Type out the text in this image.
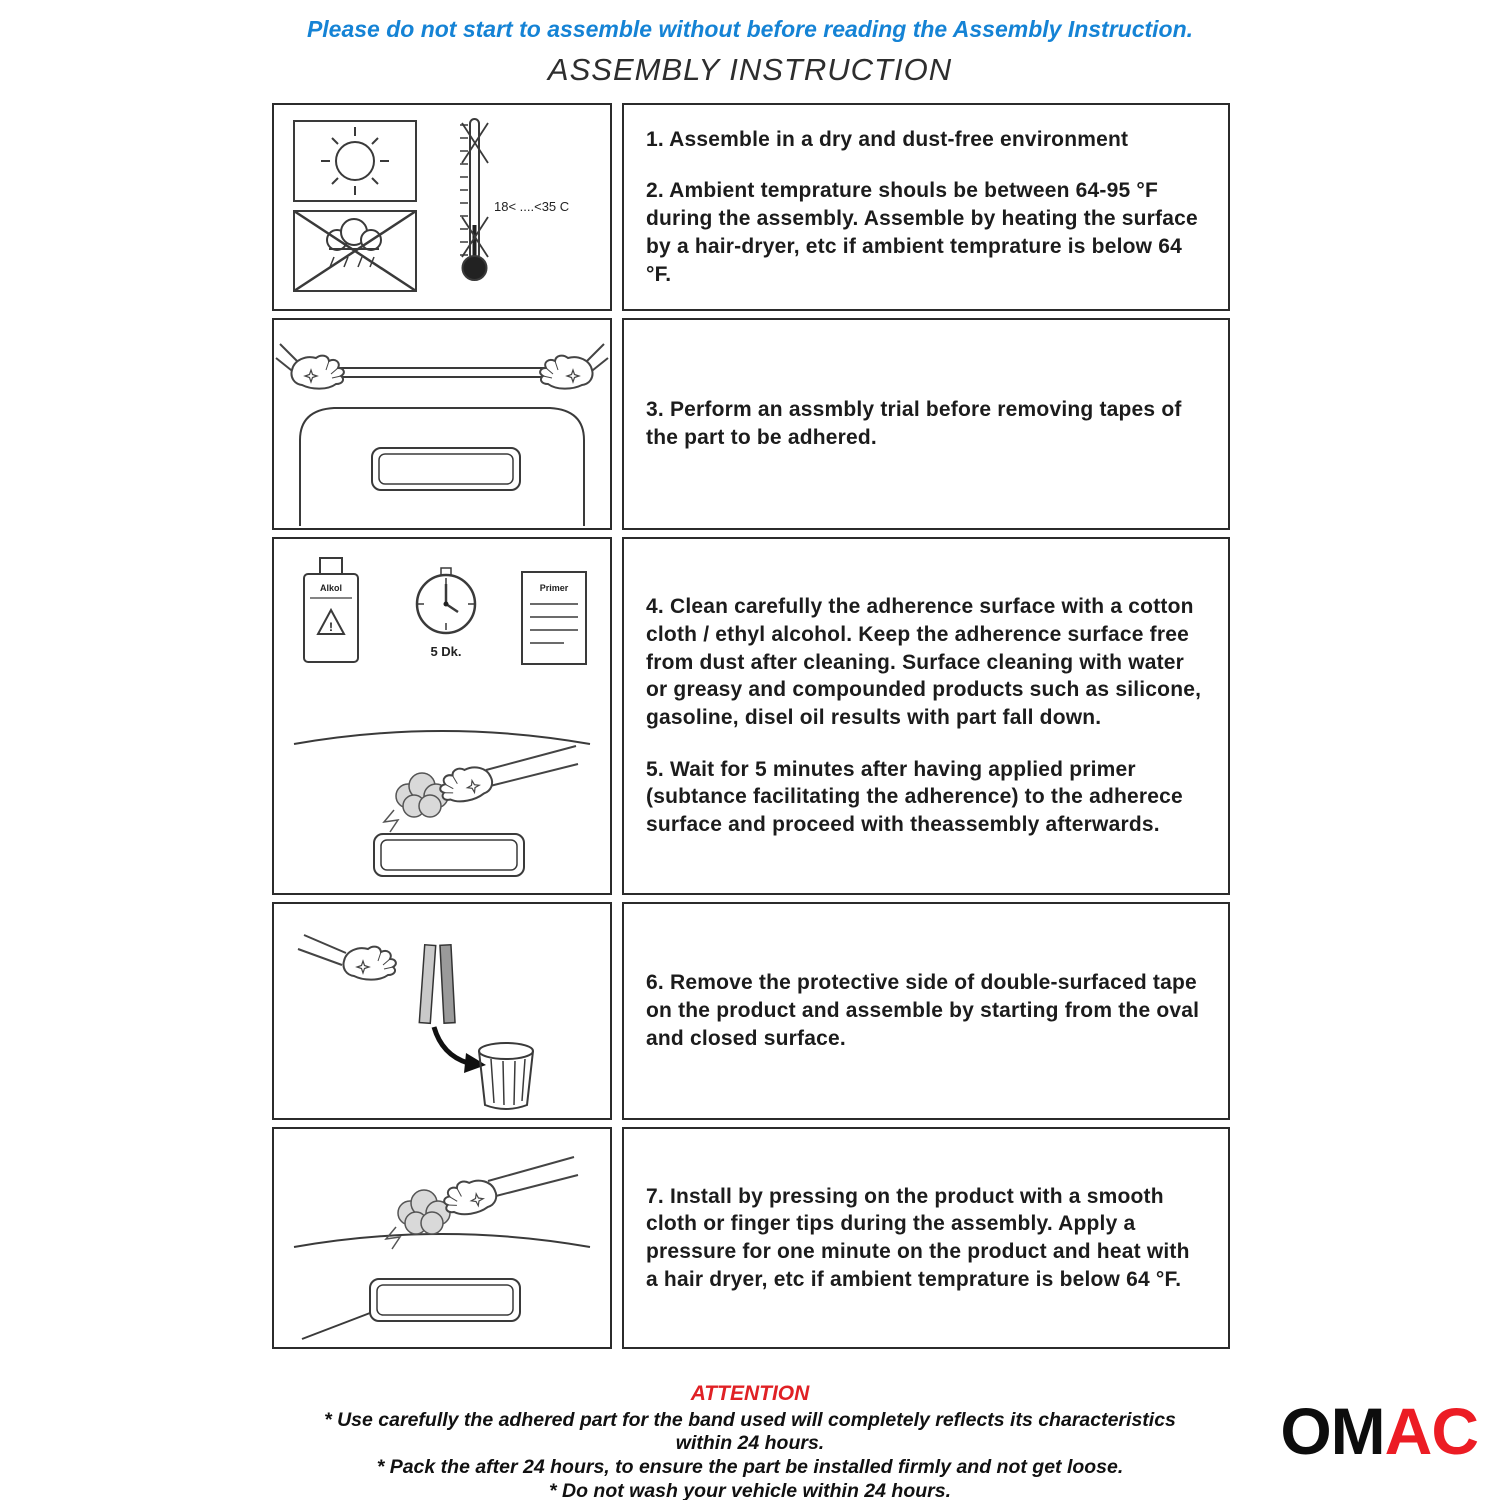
Please do not start to assemble without before reading the Assembly Instruction.
ASSEMBLY INSTRUCTION
18< ....<35 C

1. Assemble in a dry and dust-free environment

2. Ambient temprature shouls be between 64-95 °F during the assembly. Assemble by heating the surface by a hair-dryer, etc if ambient temprature is below 64 °F.

3. Perform an assmbly trial before removing tapes of the part to be adhered.

Alkol
!
5 Dk.
Primer

4. Clean carefully the adherence surface with a cotton cloth / ethyl alcohol. Keep the adherence surface free from dust after cleaning. Surface cleaning with water or greasy and compounded products such as silicone, gasoline, disel oil results with part fall down.

5. Wait for 5 minutes after having applied primer (subtance facilitating the adherence) to the adherece surface and proceed with theassembly afterwards.

6. Remove the protective side of double-surfaced tape on the product and assemble by starting from the oval and closed surface.

7. Install by pressing on the product with a smooth cloth or finger tips during the assembly. Apply a pressure for one minute on the product and heat with a hair dryer, etc if ambient temprature is below 64 °F.

ATTENTION

* Use carefully the adhered part for the band used will completely reflects its characteristics within 24 hours.

* Pack the after 24 hours, to ensure the part be installed firmly and not get loose.

* Do not wash your vehicle within 24 hours.

OMAC
